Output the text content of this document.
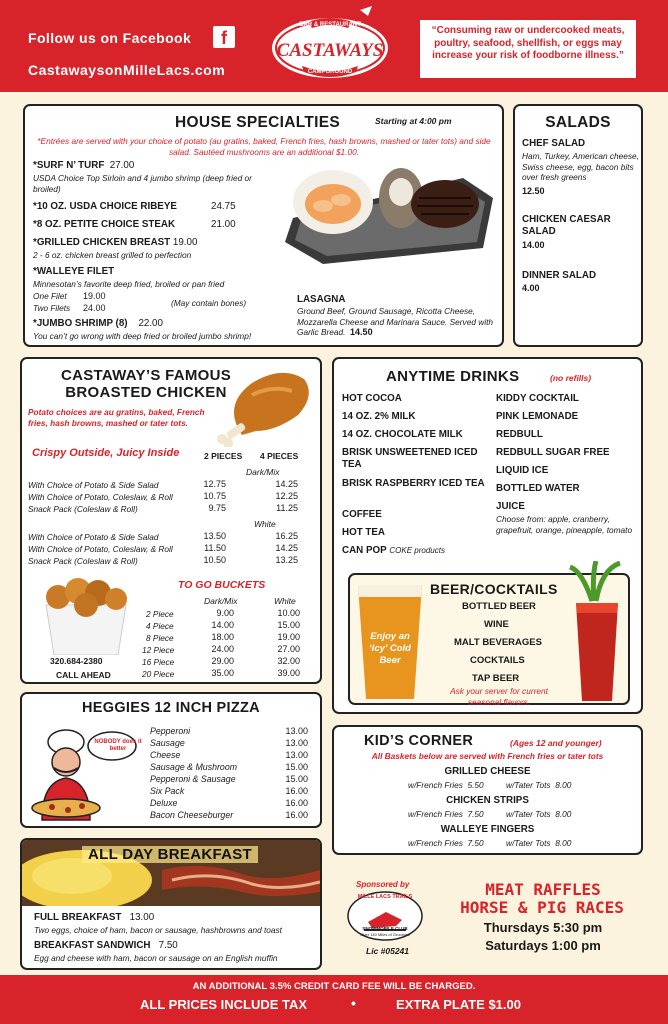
Follow us on Facebook	f
CastawaysonMilleLacs.com
BAR & RESTAURANT
CASTAWAYS
CAMPGROUND
“Consuming raw or undercooked meats, poultry, seafood, shellfish, or eggs may increase your risk of foodborne illness.”
HOUSE SPECIALTIES	Starting at 4:00 pm
*Entrées are served with your choice of potato (au gratins, baked, French fries, hash browns, mashed or tater tots) and side salad. Sautéed mushrooms are an additional $1.00.
*SURF N’ TURF 27.00
USDA Choice Top Sirloin and 4 jumbo shrimp (deep fried or broiled)
*10 OZ. USDA CHOICE RIBEYE	24.75
*8 OZ. PETITE CHOICE STEAK	21.00
*GRILLED CHICKEN BREAST 19.00
2 - 6 oz. chicken breast grilled to perfection
*WALLEYE FILET
Minnesotan’s favorite deep fried, broiled or pan fried
One Filet 19.00
Two Filets 24.00	(May contain bones)
*JUMBO SHRIMP (8) 22.00
You can’t go wrong with deep fried or broiled jumbo shrimp!
LASAGNA
Ground Beef, Ground Sausage, Ricotta Cheese, Mozzarella Cheese and Marinara Sauce. Served with Garlic Bread. 14.50
SALADS
CHEF SALAD
Ham, Turkey, American cheese, Swiss cheese, egg, bacon bits over fresh greens
12.50
CHICKEN CAESAR SALAD
14.00
DINNER SALAD
4.00
CASTAWAY’S FAMOUS
BROASTED CHICKEN
Potato choices are au gratins, baked, French fries, hash browns, mashed or tater tots.
Crispy Outside, Juicy Inside	2 PIECES 4 PIECES
Dark/Mix
With Choice of Potato & Side Salad	12.75	14.25
With Choice of Potato, Coleslaw, & Roll	10.75	12.25
Snack Pack (Coleslaw & Roll)	9.75	11.25
White
With Choice of Potato & Side Salad	13.50	16.25
With Choice of Potato, Coleslaw, & Roll	11.50	14.25
Snack Pack (Coleslaw & Roll)	10.50	13.25
TO GO BUCKETS
Dark/Mix	White
2 Piece	9.00	10.00
4 Piece	14.00	15.00
8 Piece	18.00	19.00
12 Piece	24.00	27.00
16 Piece	29.00	32.00
20 Piece	35.00	39.00
320.684-2380
CALL AHEAD
ANYTIME DRINKS	(no refills)
HOT COCOA
14 OZ. 2% MILK
14 OZ. CHOCOLATE MILK
BRISK UNSWEETENED ICED TEA
BRISK RASPBERRY ICED TEA
COFFEE
HOT TEA
CAN POP COKE products
KIDDY COCKTAIL
PINK LEMONADE
REDBULL
REDBULL SUGAR FREE
LIQUID ICE
BOTTLED WATER
JUICE
Choose from: apple, cranberry, grapefruit, orange, pineapple, tomato
BEER/COCKTAILS
BOTTLED BEER
WINE
MALT BEVERAGES
COCKTAILS
TAP BEER
Ask your server for current seasonal flavors.
Enjoy an ‘Icy’ Cold Beer
HEGGIES 12 INCH PIZZA
NOBODY does it better
Pepperoni	13.00
Sausage	13.00
Cheese	13.00
Sausage & Mushroom	15.00
Pepperoni & Sausage	15.00
Six Pack	16.00
Deluxe	16.00
Bacon Cheeseburger	16.00
KID’S CORNER	(Ages 12 and younger)
All Baskets below are served with French fries or tater tots
GRILLED CHEESE
w/French Fries 5.50	w/Tater Tots 8.00
CHICKEN STRIPS
w/French Fries 7.50	w/Tater Tots 8.00
WALLEYE FINGERS
w/French Fries 7.50	w/Tater Tots 8.00
ALL DAY BREAKFAST
FULL BREAKFAST 13.00
Two eggs, choice of ham, bacon or sausage, hashbrowns and toast
BREAKFAST SANDWICH 7.50
Egg and cheese with ham, bacon or sausage on an English muffin
Sponsored by
MILLE LACS TRAILS
SNOWMOBILE CLUB
Over 140 Miles of Groomed
Lic #05241
MEAT RAFFLES
HORSE & PIG RACES
Thursdays 5:30 pm
Saturdays 1:00 pm
AN ADDITIONAL 3.5% CREDIT CARD FEE WILL BE CHARGED.
ALL PRICES INCLUDE TAX	•	EXTRA PLATE $1.00
